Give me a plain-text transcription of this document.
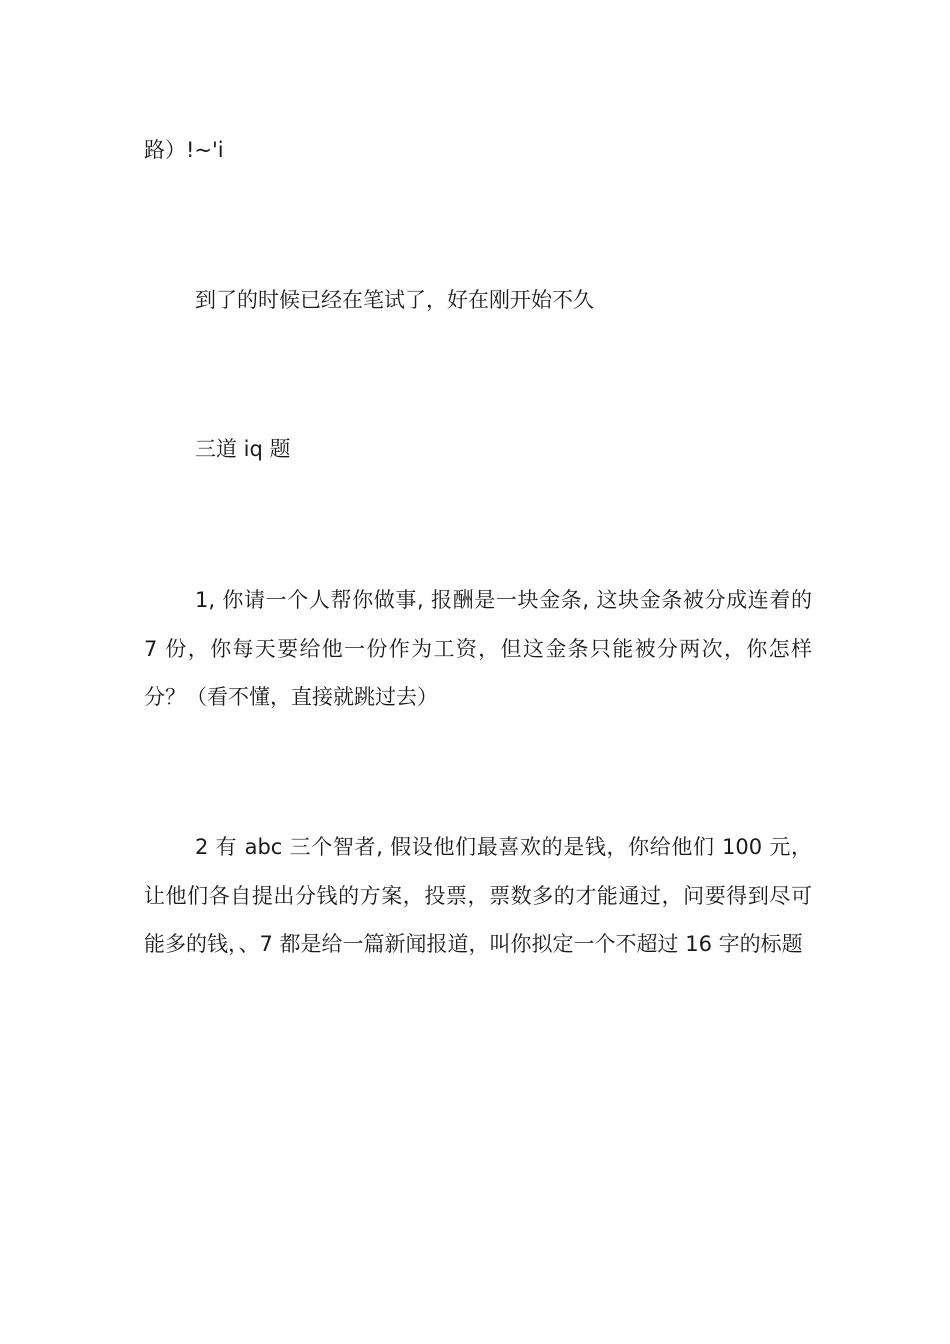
路）!~'i

到了的时候已经在笔试了，好在刚开始不久

三道 iq 题

1, 你请一个人帮你做事, 报酬是一块金条, 这块金条被分成连着的 7 份，你每天要给他一份作为工资，但这金条只能被分两次，你怎样分？（看不懂，直接就跳过去）

2 有 abc 三个智者, 假设他们最喜欢的是钱，你给他们 100 元，让他们各自提出分钱的方案，投票，票数多的才能通过，问要得到尽可能多的钱，、7 都是给一篇新闻报道，叫你拟定一个不超过 16 字的标题
